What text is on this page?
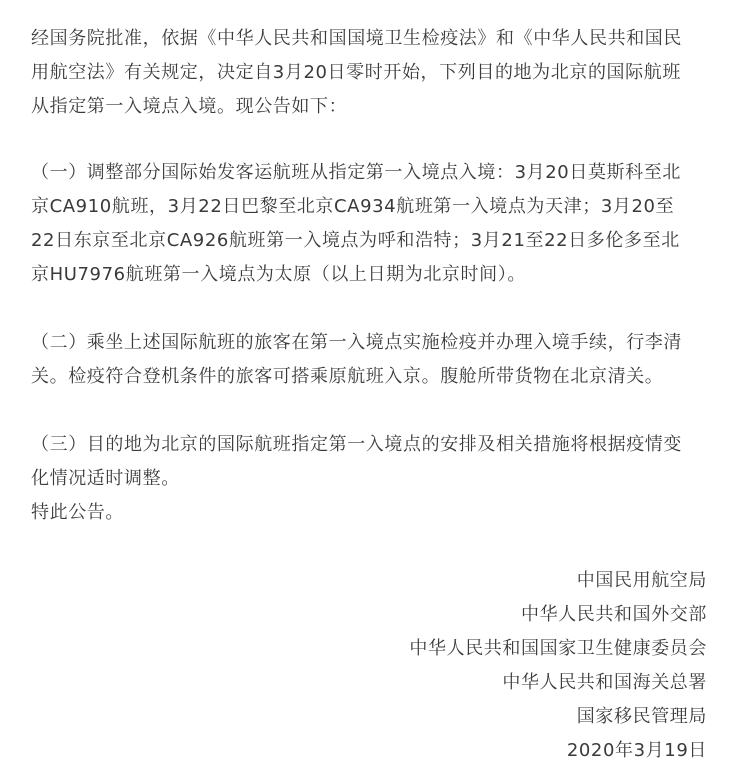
经国务院批准，依据《中华人民共和国国境卫生检疫法》和《中华人民共和国民
用航空法》有关规定，决定自3月20日零时开始，下列目的地为北京的国际航班
从指定第一入境点入境。现公告如下：
（一）调整部分国际始发客运航班从指定第一入境点入境：3月20日莫斯科至北
京CA910航班，3月22日巴黎至北京CA934航班第一入境点为天津；3月20至
22日东京至北京CA926航班第一入境点为呼和浩特；3月21至22日多伦多至北
京HU7976航班第一入境点为太原（以上日期为北京时间）。
（二）乘坐上述国际航班的旅客在第一入境点实施检疫并办理入境手续，行李清
关。检疫符合登机条件的旅客可搭乘原航班入京。腹舱所带货物在北京清关。
（三）目的地为北京的国际航班指定第一入境点的安排及相关措施将根据疫情变
化情况适时调整。
特此公告。
中国民用航空局
中华人民共和国外交部
中华人民共和国国家卫生健康委员会
中华人民共和国海关总署
国家移民管理局
2020年3月19日
